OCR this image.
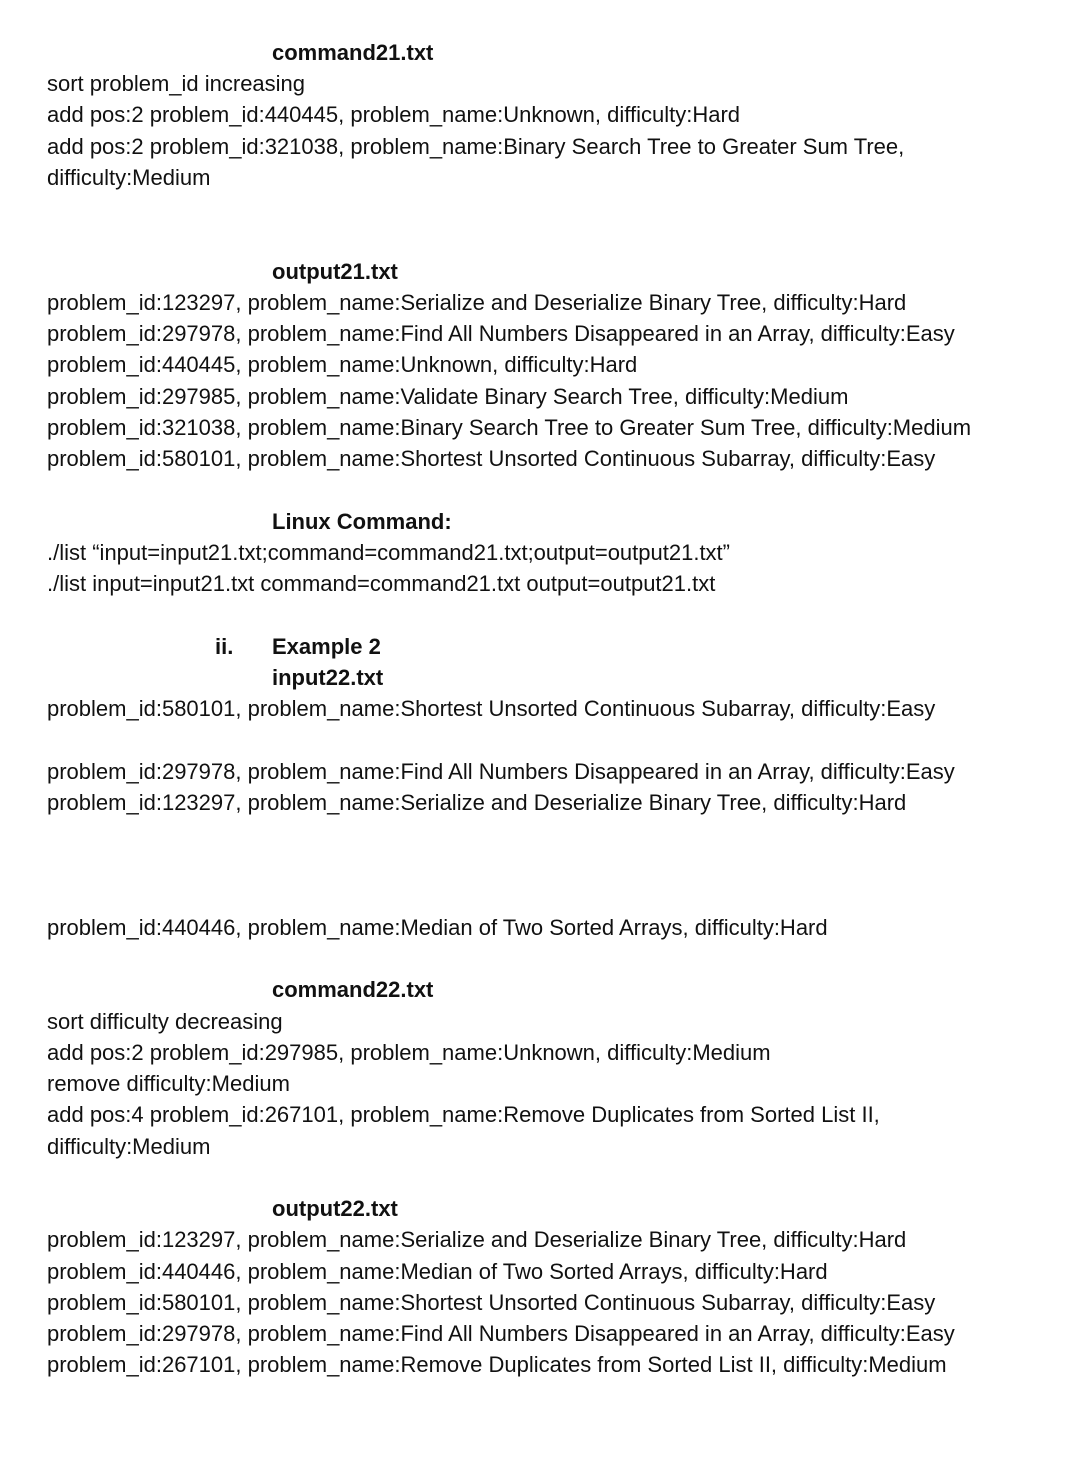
command21.txt
sort problem_id increasing
add pos:2 problem_id:440445, problem_name:Unknown, difficulty:Hard
add pos:2 problem_id:321038, problem_name:Binary Search Tree to Greater Sum Tree,
difficulty:Medium
output21.txt
problem_id:123297, problem_name:Serialize and Deserialize Binary Tree, difficulty:Hard
problem_id:297978, problem_name:Find All Numbers Disappeared in an Array, difficulty:Easy
problem_id:440445, problem_name:Unknown, difficulty:Hard
problem_id:297985, problem_name:Validate Binary Search Tree, difficulty:Medium
problem_id:321038, problem_name:Binary Search Tree to Greater Sum Tree, difficulty:Medium
problem_id:580101, problem_name:Shortest Unsorted Continuous Subarray, difficulty:Easy
Linux Command:
./list “input=input21.txt;command=command21.txt;output=output21.txt”
./list input=input21.txt command=command21.txt output=output21.txt
ii. Example 2
input22.txt
problem_id:580101, problem_name:Shortest Unsorted Continuous Subarray, difficulty:Easy
problem_id:297978, problem_name:Find All Numbers Disappeared in an Array, difficulty:Easy
problem_id:123297, problem_name:Serialize and Deserialize Binary Tree, difficulty:Hard
problem_id:440446, problem_name:Median of Two Sorted Arrays, difficulty:Hard
command22.txt
sort difficulty decreasing
add pos:2 problem_id:297985, problem_name:Unknown, difficulty:Medium
remove difficulty:Medium
add pos:4 problem_id:267101, problem_name:Remove Duplicates from Sorted List II,
difficulty:Medium
output22.txt
problem_id:123297, problem_name:Serialize and Deserialize Binary Tree, difficulty:Hard
problem_id:440446, problem_name:Median of Two Sorted Arrays, difficulty:Hard
problem_id:580101, problem_name:Shortest Unsorted Continuous Subarray, difficulty:Easy
problem_id:297978, problem_name:Find All Numbers Disappeared in an Array, difficulty:Easy
problem_id:267101, problem_name:Remove Duplicates from Sorted List II, difficulty:Medium
